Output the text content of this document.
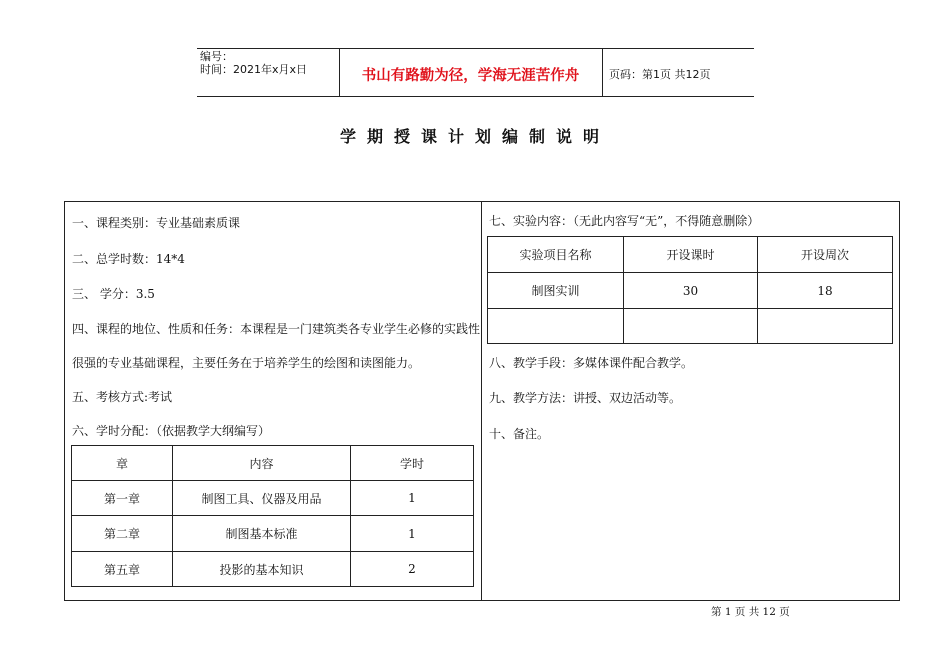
编号：
时间：2021年x月x日	书山有路勤为径，学海无涯苦作舟	页码：第1页 共12页
学期授课计划编制说明
一、课程类别：专业基础素质课
二、总学时数：14*4
三、 学分：3.5
四、课程的地位、性质和任务：本课程是一门建筑类各专业学生必修的实践性
很强的专业基础课程，主要任务在于培养学生的绘图和读图能力。
五、考核方式:考试
六、学时分配：（依据教学大纲编写）
章	内容	学时
第一章	制图工具、仪器及用品	1
第二章	制图基本标准	1
第五章	投影的基本知识	2
七、实验内容：（无此内容写“无”，不得随意删除）
实验项目名称	开设课时	开设周次
制图实训	30	18

八、教学手段：多媒体课件配合教学。
九、教学方法：讲授、双边活动等。
十、备注。
第 1 页 共 12 页
